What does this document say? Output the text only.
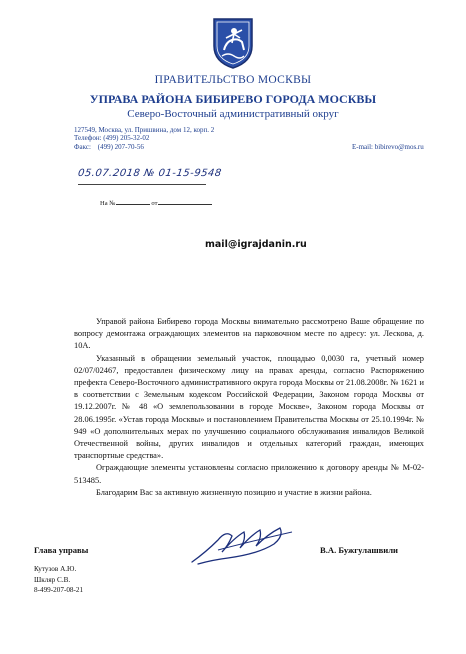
ПРАВИТЕЛЬСТВО МОСКВЫ
УПРАВА РАЙОНА БИБИРЕВО ГОРОДА МОСКВЫ
Северо-Восточный административный округ
127549, Москва, ул. Пришвина, дом 12, корп. 2
Телефон: (499) 205-32-02
Факс: (499) 207-70-56	E-mail: bibirevo@mos.ru
05.07.2018 № 01-15-9548
На №	от
mail@igrajdanin.ru

Управой района Бибирево города Москвы внимательно рассмотрено Ваше обращение по вопросу демонтажа ограждающих элементов на парковочном месте по адресу: ул. Лескова, д. 10А.

Указанный в обращении земельный участок, площадью 0,0030 га, учетный номер 02/07/02467, предоставлен физическому лицу на правах аренды, согласно Распоряжению префекта Северо-Восточного административного округа города Москвы от 21.08.2008г. № 1621 и в соответствии с Земельным кодексом Российской Федерации, Законом города Москвы от 19.12.2007г. № 48 «О землепользовании в городе Москве», Законом города Москвы от 28.06.1995г. «Устав города Москвы» и постановлением Правительства Москвы от 25.10.1994г. № 949 «О дополнительных мерах по улучшению социального обслуживания инвалидов Великой Отечественной войны, других инвалидов и отдельных категорий граждан, имеющих транспортные средства».

Ограждающие элементы установлены согласно приложению к договору аренды № М-02-513485.

Благодарим Вас за активную жизненную позицию и участие в жизни района.

Глава управы	В.А. Бужгулашвили
Кутузов А.Ю.
Шкляр С.В.
8-499-207-08-21
